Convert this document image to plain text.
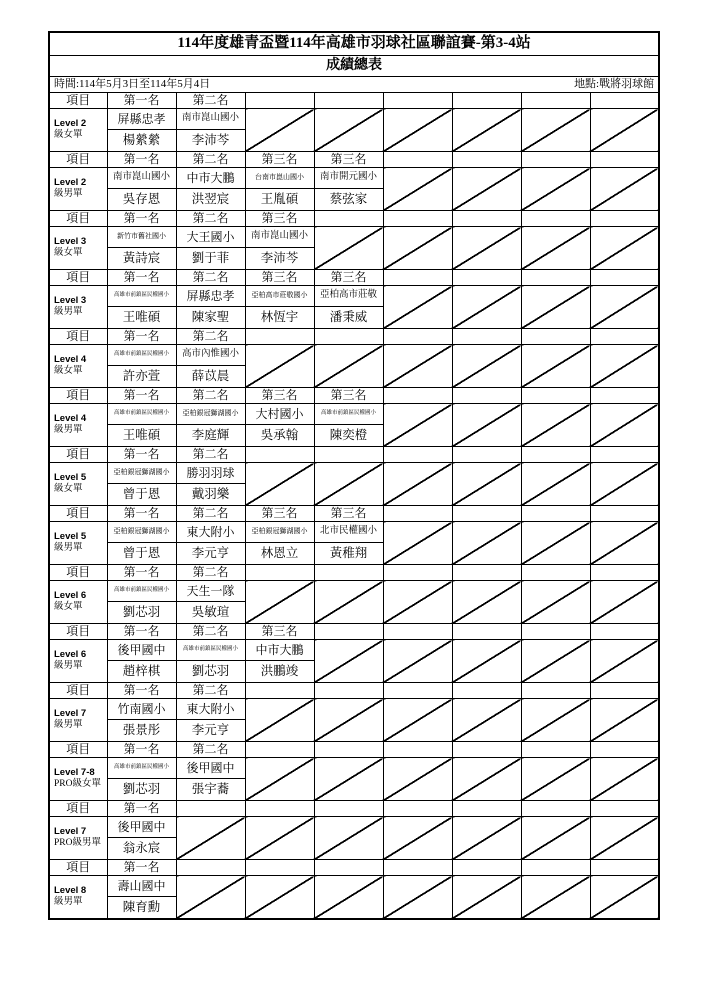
114年度雄青盃暨114年高雄市羽球社區聯誼賽-第3-4站								
成績總表								

時間:114年5月3日至114年5月4日 地點:戰將羽球館								

項目	第一名	第二名						

Level 2
級女單	屏縣忠孝	南市崑山國小						
	楊縈縈	李沛芩						
項目	第一名	第二名	第三名	第三名				

Level 2
級男單	南市崑山國小	中市大鵬	台南市崑山國小	南市開元國小				
	吳存恩	洪翌宸	王胤碩	蔡弦家				
項目	第一名	第二名	第三名					

Level 3
級女單	新竹市舊社國小	大王國小	南市崑山國小					
	黃詩宸	劉于菲	李沛芩					
項目	第一名	第二名	第三名	第三名				

Level 3
級男單	高雄市前鎮區民權國小	屏縣忠孝	亞柏高市莊敬國小	亞柏高市莊敬				
	王唯碩	陳家聖	林恆宇	潘秉威				
項目	第一名	第二名						

Level 4
級女單	高雄市前鎮區民權國小	高市內惟國小						
	許亦萱	薛苡晨						
項目	第一名	第二名	第三名	第三名				

Level 4
級男單	高雄市前鎮區民權國小	亞柏銀冠獅湖國小	大村國小	高雄市前鎮區民權國小				
	王唯碩	李庭輝	吳承翰	陳奕橙				
項目	第一名	第二名						

Level 5
級女單	亞柏銀冠獅湖國小	勝羽羽球						
	曾于恩	戴羽樂						
項目	第一名	第二名	第三名	第三名				

Level 5
級男單	亞柏銀冠獅湖國小	東大附小	亞柏銀冠獅湖國小	北市民權國小				
	曾于恩	李元亨	林恩立	黃稚翔				
項目	第一名	第二名						

Level 6
級女單	高雄市前鎮區民權國小	天生一隊						
	劉芯羽	吳敏瑄						
項目	第一名	第二名	第三名					

Level 6
級男單	後甲國中	高雄市前鎮區民權國小	中市大鵬					
	趙梓棋	劉芯羽	洪鵬竣					
項目	第一名	第二名						

Level 7
級男單	竹南國小	東大附小						
	張景彤	李元亨						
項目	第一名	第二名						

Level 7-8
PRO級女單	高雄市前鎮區民權國小	後甲國中						
	劉芯羽	張宇蕎						
項目	第一名							

Level 7
PRO級男單	後甲國中							
	翁永宸							
項目	第一名							

Level 8
級男單	壽山國中							
	陳育勳							
